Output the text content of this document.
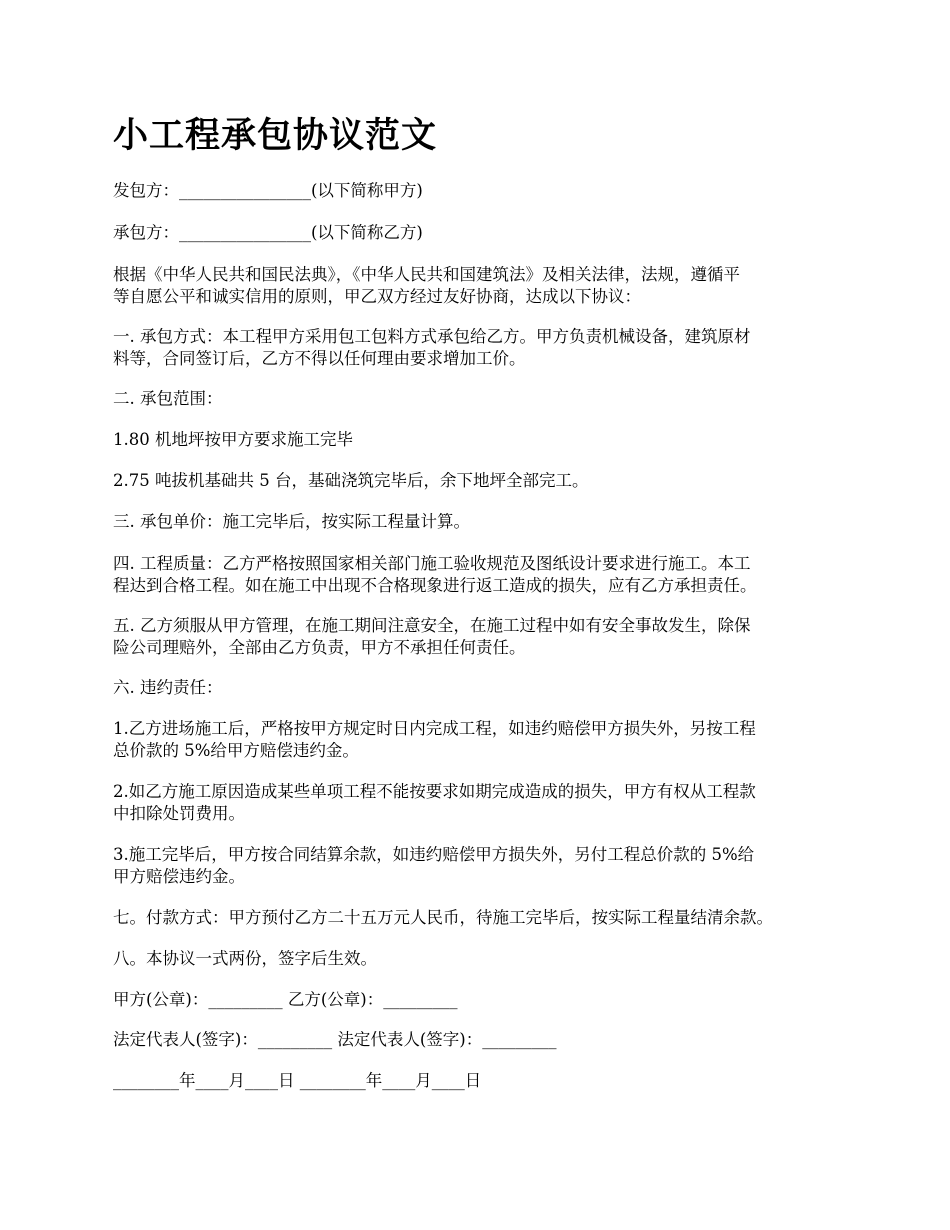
小工程承包协议范文

发包方：________________(以下简称甲方)

承包方：________________(以下简称乙方)

根据《中华人民共和国民法典》，《中华人民共和国建筑法》及相关法律，法规，遵循平
等自愿公平和诚实信用的原则，甲乙双方经过友好协商，达成以下协议：

一. 承包方式：本工程甲方采用包工包料方式承包给乙方。甲方负责机械设备，建筑原材
料等，合同签订后，乙方不得以任何理由要求增加工价。

二. 承包范围：

1.80 机地坪按甲方要求施工完毕

2.75 吨拔机基础共 5 台，基础浇筑完毕后，余下地坪全部完工。

三. 承包单价：施工完毕后，按实际工程量计算。

四. 工程质量：乙方严格按照国家相关部门施工验收规范及图纸设计要求进行施工。本工
程达到合格工程。如在施工中出现不合格现象进行返工造成的损失，应有乙方承担责任。

五. 乙方须服从甲方管理，在施工期间注意安全，在施工过程中如有安全事故发生，除保
险公司理赔外，全部由乙方负责，甲方不承担任何责任。

六. 违约责任：

1.乙方进场施工后，严格按甲方规定时日内完成工程，如违约赔偿甲方损失外，另按工程
总价款的 5%给甲方赔偿违约金。

2.如乙方施工原因造成某些单项工程不能按要求如期完成造成的损失，甲方有权从工程款
中扣除处罚费用。

3.施工完毕后，甲方按合同结算余款，如违约赔偿甲方损失外，另付工程总价款的 5%给
甲方赔偿违约金。

七。付款方式：甲方预付乙方二十五万元人民币，待施工完毕后，按实际工程量结清余款。

八。本协议一式两份，签字后生效。

甲方(公章)：_________ 乙方(公章)：_________

法定代表人(签字)：_________ 法定代表人(签字)：_________

________年____月____日 ________年____月____日
